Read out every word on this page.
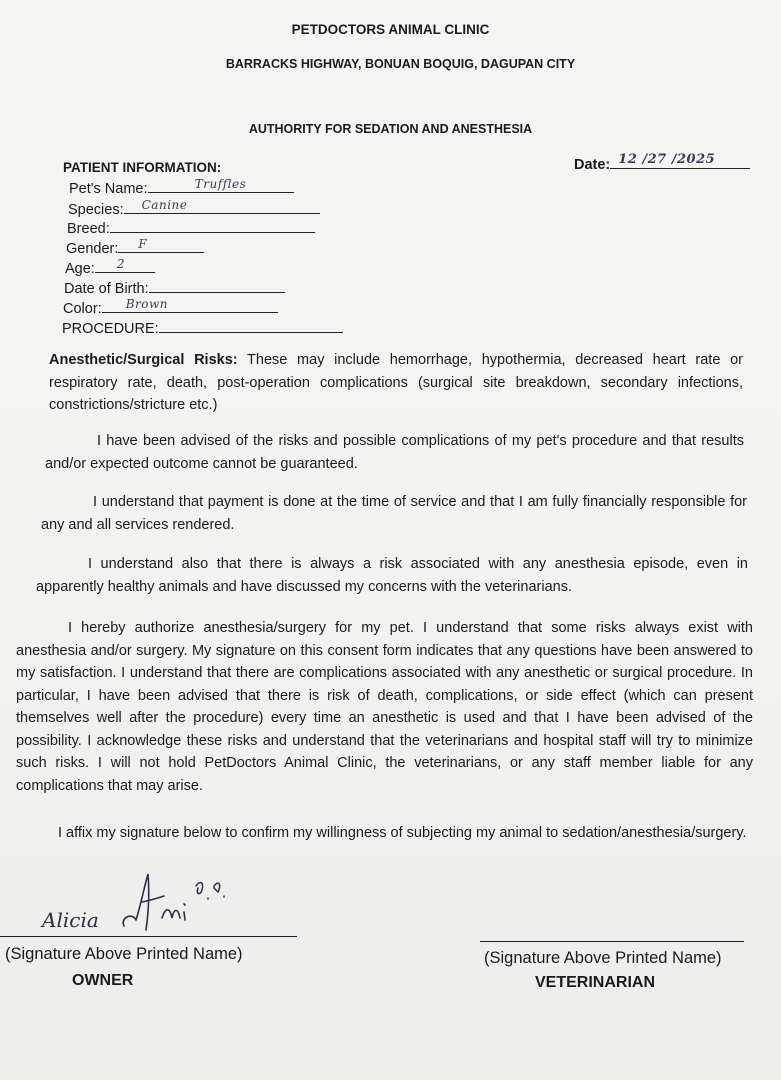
PETDOCTORS ANIMAL CLINIC
BARRACKS HIGHWAY, BONUAN BOQUIG, DAGUPAN CITY
AUTHORITY FOR SEDATION AND ANESTHESIA
PATIENT INFORMATION:	Date: 12 /27 /2025
Pet's Name:	Truffles
Species: Canine
Breed:
Gender: F
Age: 2
Date of Birth:
Color: Brown
PROCEDURE:
Anesthetic/Surgical Risks: These may include hemorrhage, hypothermia, decreased heart rate or respiratory rate, death, post-operation complications (surgical site breakdown, secondary infections, constrictions/stricture etc.)
I have been advised of the risks and possible complications of my pet's procedure and that results and/or expected outcome cannot be guaranteed.
I understand that payment is done at the time of service and that I am fully financially responsible for any and all services rendered.
I understand also that there is always a risk associated with any anesthesia episode, even in apparently healthy animals and have discussed my concerns with the veterinarians.
I hereby authorize anesthesia/surgery for my pet. I understand that some risks always exist with anesthesia and/or surgery. My signature on this consent form indicates that any questions have been answered to my satisfaction. I understand that there are complications associated with any anesthetic or surgical procedure. In particular, I have been advised that there is risk of death, complications, or side effect (which can present themselves well after the procedure) every time an anesthetic is used and that I have been advised of the possibility. I acknowledge these risks and understand that the veterinarians and hospital staff will try to minimize such risks. I will not hold PetDoctors Animal Clinic, the veterinarians, or any staff member liable for any complications that may arise.
I affix my signature below to confirm my willingness of subjecting my animal to sedation/anesthesia/surgery.
Alicia
(Signature Above Printed Name)
OWNER
(Signature Above Printed Name)
VETERINARIAN
